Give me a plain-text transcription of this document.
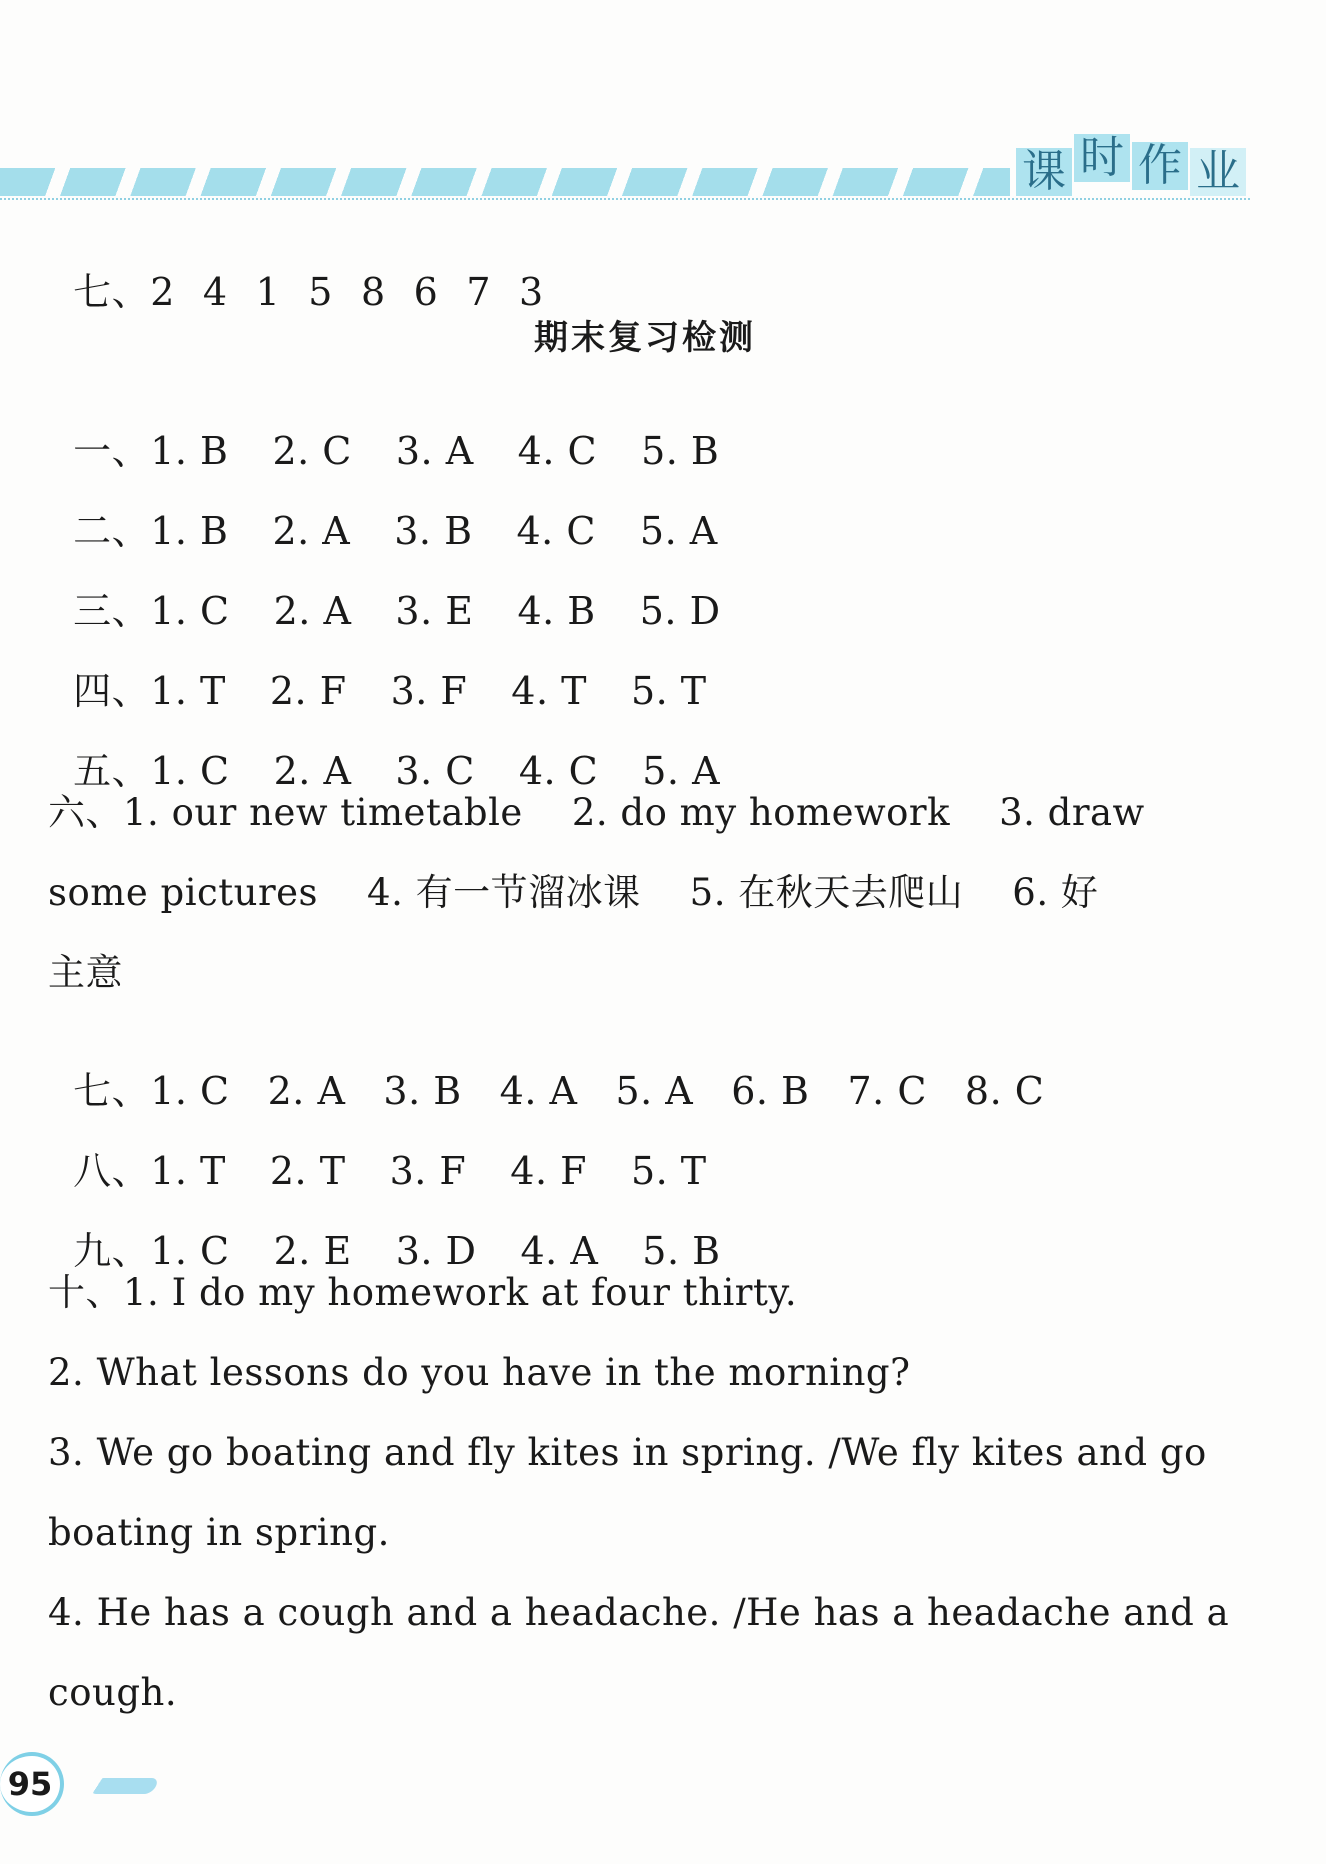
课 时 作 业

七、2 4 1 5 8 6 7 3

期末复习检测

一、1. B 2. C 3. A 4. C 5. B

二、1. B 2. A 3. B 4. C 5. A

三、1. C 2. A 3. E 4. B 5. D

四、1. T 2. F 3. F 4. T 5. T

五、1. C 2. A 3. C 4. C 5. A

六、1. our new timetable    2. do my homework    3. draw
some pictures    4. 有一节溜冰课    5. 在秋天去爬山    6. 好
主意

七、1. C 2. A 3. B 4. A 5. A 6. B 7. C 8. C

八、1. T 2. T 3. F 4. F 5. T

九、1. C 2. E 3. D 4. A 5. B

十、1. I do my homework at four thirty.
2. What lessons do you have in the morning?
3. We go boating and fly kites in spring. /We fly kites and go
boating in spring.
4. He has a cough and a headache. /He has a headache and a
cough.
95
